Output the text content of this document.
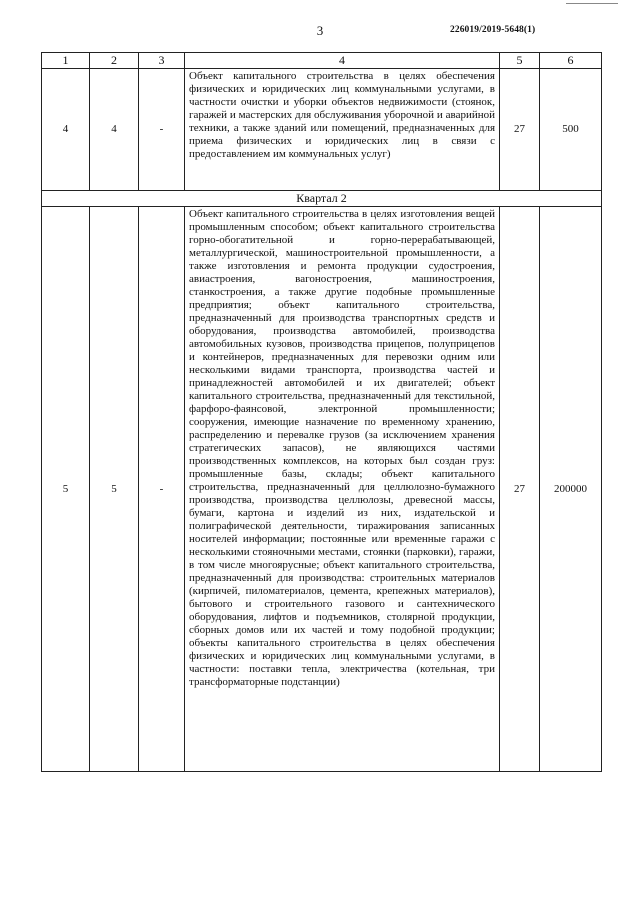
3	226019/2019-5648(1)
1	2	3	4	5	6
4	4	-	Объект капитального строительства в целях обеспечения физических и юридических лиц коммунальными услугами, в частности очистки и уборки объектов недвижимости (стоянок, гаражей и мастерских для обслуживания уборочной и аварийной техники, а также зданий или помещений, предназначенных для приема физических и юридических лиц в связи с предоставлением им коммунальных услуг)	27	500
Квартал 2					
5	5	-	Объект капитального строительства в целях изготовления вещей промышленным способом; объект капитального строительства горно-обогатительной и горно-перерабатывающей, металлургической, машиностроительной промышленности, а также изготовления и ремонта продукции судостроения, авиастроения, вагоностроения, машиностроения, станкостроения, а также другие подобные промышленные предприятия; объект капитального строительства, предназначенный для производства транспортных средств и оборудования, производства автомобилей, производства автомобильных кузовов, производства прицепов, полуприцепов и контейнеров, предназначенных для перевозки одним или несколькими видами транспорта, производства частей и принадлежностей автомобилей и их двигателей; объект капитального строительства, предназначенный для текстильной, фарфоро-фаянсовой, электронной промышленности; сооружения, имеющие назначение по временному хранению, распределению и перевалке грузов (за исключением хранения стратегических запасов), не являющихся частями производственных комплексов, на которых был создан груз: промышленные базы, склады; объект капитального строительства, предназначенный для целлюлозно-бумажного производства, производства целлюлозы, древесной массы, бумаги, картона и изделий из них, издательской и полиграфической деятельности, тиражирования записанных носителей информации; постоянные или временные гаражи с несколькими стояночными местами, стоянки (парковки), гаражи, в том числе многоярусные; объект капитального строительства, предназначенный для производства: строительных материалов (кирпичей, пиломатериалов, цемента, крепежных материалов), бытового и строительного газового и сантехнического оборудования, лифтов и подъемников, столярной продукции, сборных домов или их частей и тому подобной продукции; объекты капитального строительства в целях обеспечения физических и юридических лиц коммунальными услугами, в частности: поставки тепла, электричества (котельная, три трансформаторные подстанции)	27	200000
